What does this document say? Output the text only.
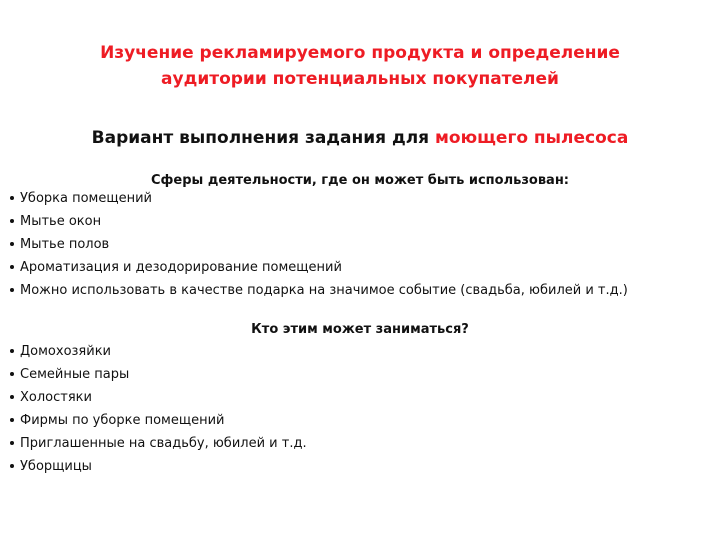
Изучение рекламируемого продукта и определение
аудитории потенциальных покупателей
Вариант выполнения задания для моющего пылесоса
Сферы деятельности, где он может быть использован:
Уборка помещений
Мытье окон
Мытье полов
Ароматизация и дезодорирование помещений
Можно использовать в качестве подарка на значимое событие (свадьба, юбилей и т.д.)
Кто этим может заниматься?
Домохозяйки
Семейные пары
Холостяки
Фирмы по уборке помещений
Приглашенные на свадьбу, юбилей и т.д.
Уборщицы
